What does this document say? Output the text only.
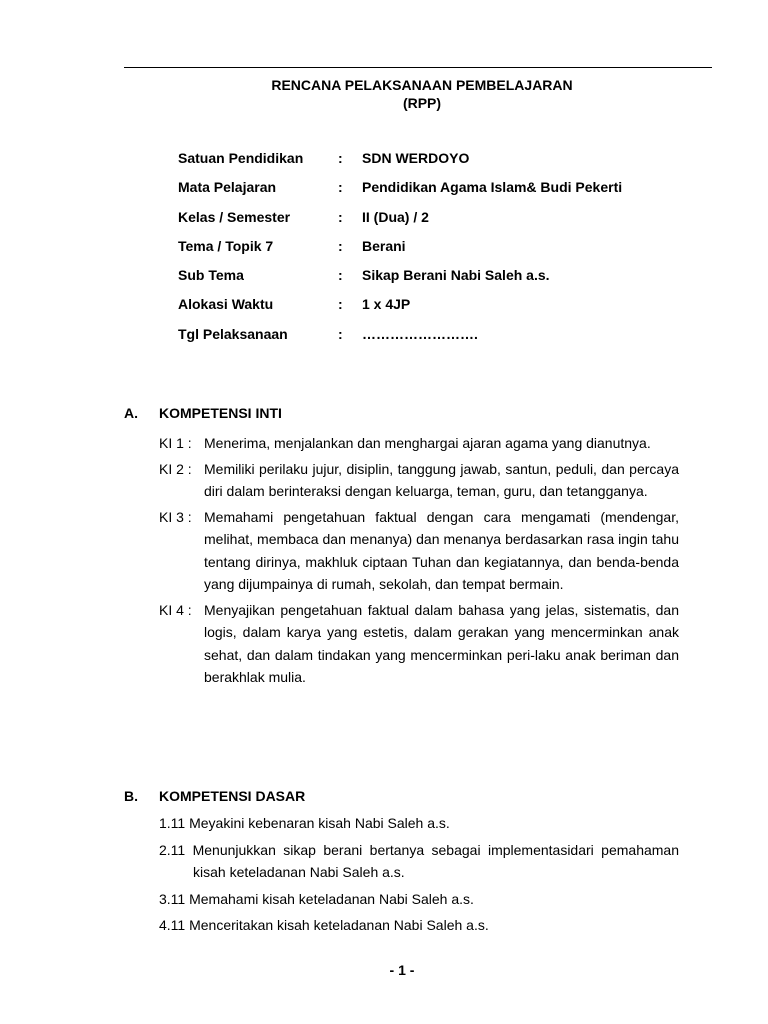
RENCANA PELAKSANAAN PEMBELAJARAN
(RPP)
Satuan Pendidikan	:	SDN WERDOYO
Mata Pelajaran	:	Pendidikan Agama Islam& Budi Pekerti
Kelas / Semester	:	II (Dua) / 2
Tema / Topik 7	:	Berani
Sub Tema	:	Sikap Berani Nabi Saleh a.s.
Alokasi Waktu	:	1 x 4JP
Tgl Pelaksanaan	:	…………………….
A. KOMPETENSI INTI
KI 1 : Menerima, menjalankan dan menghargai ajaran agama yang dianutnya.
KI 2 : Memiliki perilaku jujur, disiplin, tanggung jawab, santun, peduli, dan percaya diri dalam berinteraksi dengan keluarga, teman, guru, dan tetangganya.
KI 3 : Memahami pengetahuan faktual dengan cara mengamati (mendengar, melihat, membaca dan menanya) dan menanya berdasarkan rasa ingin tahu tentang dirinya, makhluk ciptaan Tuhan dan kegiatannya, dan benda-benda yang dijumpainya di rumah, sekolah, dan tempat bermain.
KI 4 : Menyajikan pengetahuan faktual dalam bahasa yang jelas, sistematis, dan logis, dalam karya yang estetis, dalam gerakan yang mencerminkan anak sehat, dan dalam tindakan yang mencerminkan peri-laku anak beriman dan berakhlak mulia.
B. KOMPETENSI DASAR
1.11 Meyakini kebenaran kisah Nabi Saleh a.s.
2.11 Menunjukkan sikap berani bertanya sebagai implementasidari pemahaman kisah keteladanan Nabi Saleh a.s.
3.11 Memahami kisah keteladanan Nabi Saleh a.s.
4.11 Menceritakan kisah keteladanan Nabi Saleh a.s.
- 1 -
